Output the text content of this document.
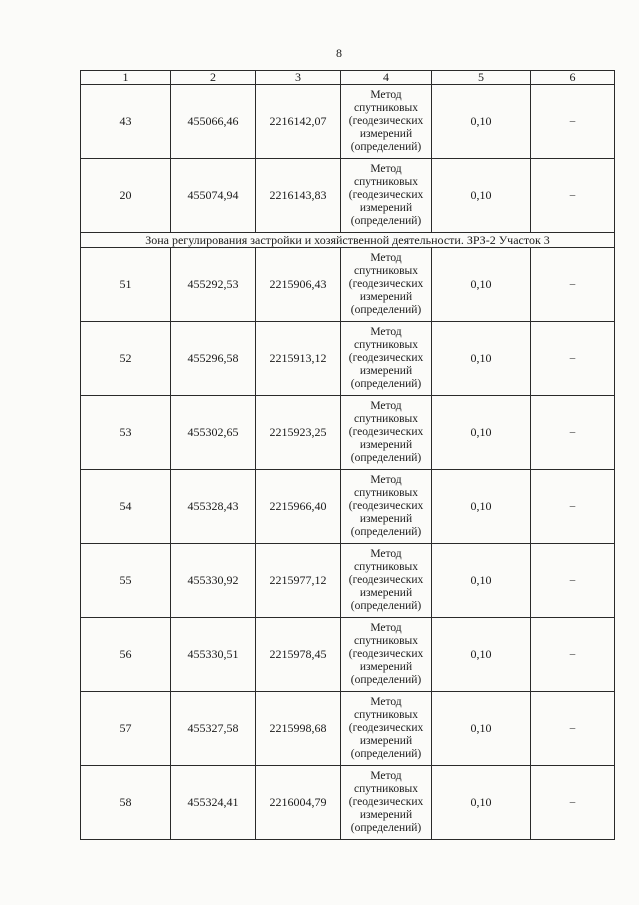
8
1	2	3	4	5	6
43	455066,46	2216142,07	Метод
спутниковых
(геодезических
измерений
(определений)	0,10	–
20	455074,94	2216143,83	Метод
спутниковых
(геодезических
измерений
(определений)	0,10	–
Зона регулирования застройки и хозяйственной деятельности. ЗРЗ-2 Участок 3					
51	455292,53	2215906,43	Метод
спутниковых
(геодезических
измерений
(определений)	0,10	–
52	455296,58	2215913,12	Метод
спутниковых
(геодезических
измерений
(определений)	0,10	–
53	455302,65	2215923,25	Метод
спутниковых
(геодезических
измерений
(определений)	0,10	–
54	455328,43	2215966,40	Метод
спутниковых
(геодезических
измерений
(определений)	0,10	–
55	455330,92	2215977,12	Метод
спутниковых
(геодезических
измерений
(определений)	0,10	–
56	455330,51	2215978,45	Метод
спутниковых
(геодезических
измерений
(определений)	0,10	–
57	455327,58	2215998,68	Метод
спутниковых
(геодезических
измерений
(определений)	0,10	–
58	455324,41	2216004,79	Метод
спутниковых
(геодезических
измерений
(определений)	0,10	–
